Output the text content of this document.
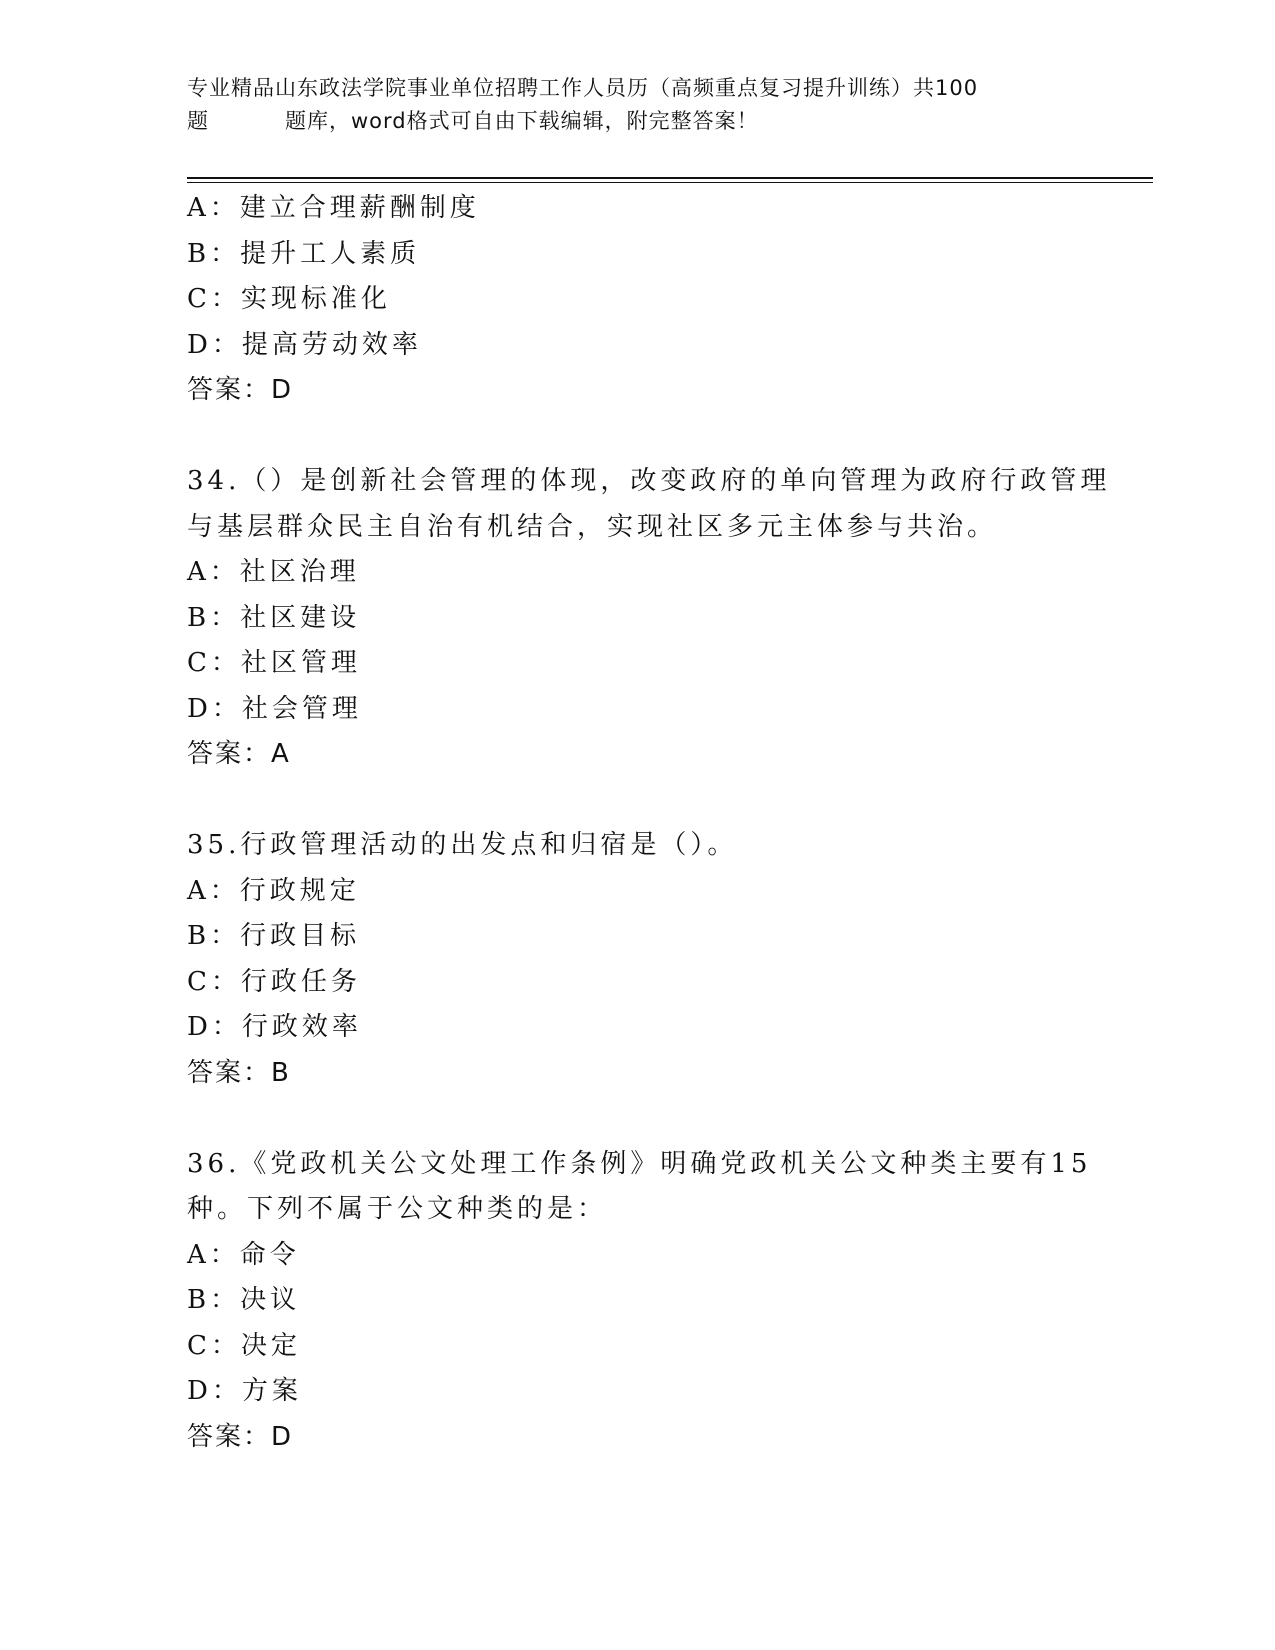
专业精品山东政法学院事业单位招聘工作人员历（高频重点复习提升训练）共100
题	题库，word格式可自由下载编辑，附完整答案！
A：建立合理薪酬制度
B：提升工人素质
C：实现标准化
D：提高劳动效率
答案：D
34.（）是创新社会管理的体现，改变政府的单向管理为政府行政管理
与基层群众民主自治有机结合，实现社区多元主体参与共治。
A：社区治理
B：社区建设
C：社区管理
D：社会管理
答案：A
35.行政管理活动的出发点和归宿是（）。
A：行政规定
B：行政目标
C：行政任务
D：行政效率
答案：B
36.《党政机关公文处理工作条例》明确党政机关公文种类主要有15
种。下列不属于公文种类的是：
A：命令
B：决议
C：决定
D：方案
答案：D
